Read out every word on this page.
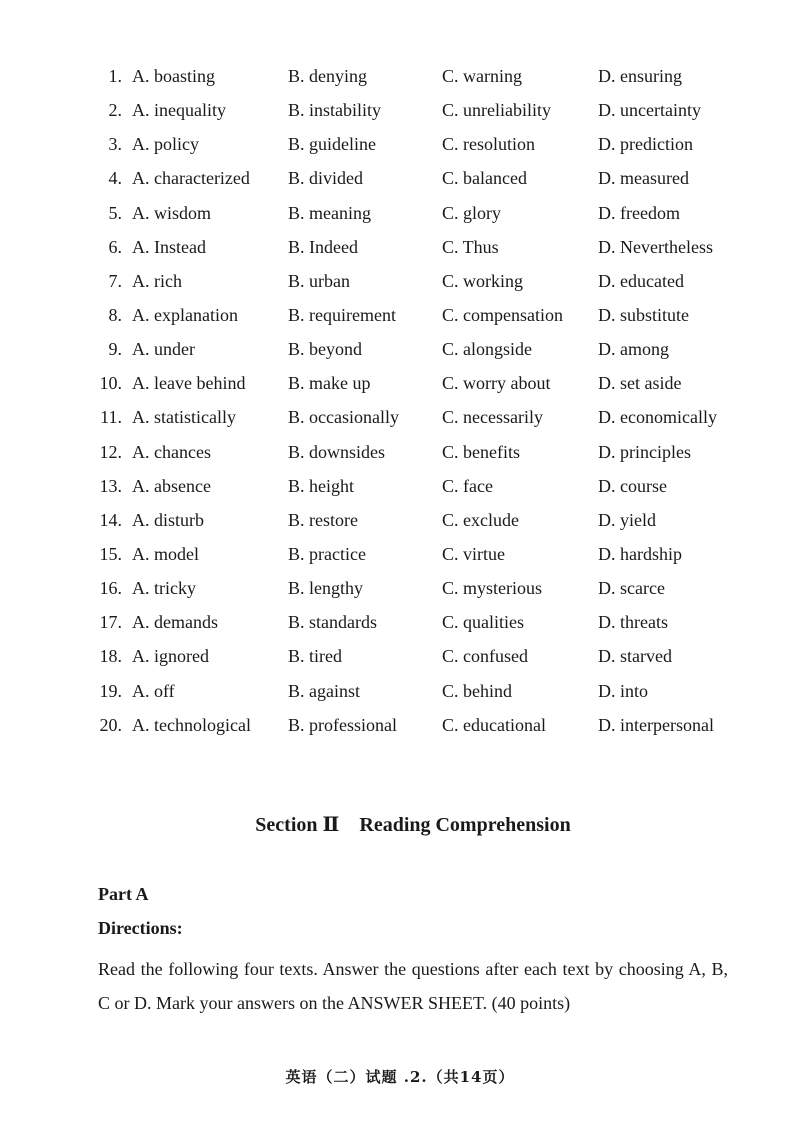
1. A. boasting	B. denying	C. warning	D. ensuring
2. A. inequality	B. instability	C. unreliability	D. uncertainty
3. A. policy	B. guideline	C. resolution	D. prediction
4. A. characterized B. divided	C. balanced	D. measured
5. A. wisdom	B. meaning	C. glory	D. freedom
6. A. Instead	B. Indeed	C. Thus	D. Nevertheless
7. A. rich	B. urban	C. working	D. educated
8. A. explanation	B. requirement	C. compensation D. substitute
9. A. under	B. beyond	C. alongside	D. among
10. A. leave behind B. make up	C. worry about	D. set aside
11. A. statistically	B. occasionally C. necessarily	D. economically
12. A. chances	B. downsides	C. benefits	D. principles
13. A. absence	B. height	C. face	D. course
14. A. disturb	B. restore	C. exclude	D. yield
15. A. model	B. practice	C. virtue	D. hardship
16. A. tricky	B. lengthy	C. mysterious	D. scarce
17. A. demands	B. standards	C. qualities	D. threats
18. A. ignored	B. tired	C. confused	D. starved
19. A. off	B. against	C. behind	D. into
20. A. technological B. professional	C. educational	D. interpersonal
Section Ⅱ    Reading Comprehension
Part A
Directions:
Read the following four texts. Answer the questions after each text by choosing A, B, C or D. Mark your answers on the ANSWER SHEET. (40 points)
英语（二）试题 .2.（共14页）
